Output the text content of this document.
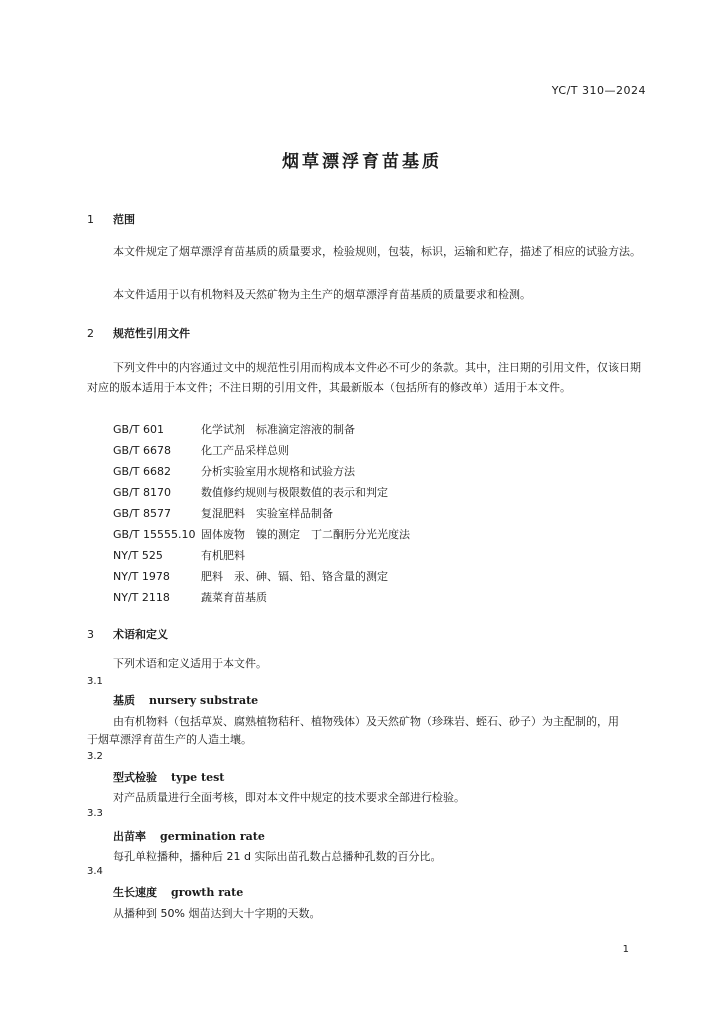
YC/T 310—2024
烟草漂浮育苗基质
1 范围
本文件规定了烟草漂浮育苗基质的质量要求，检验规则，包装，标识，运输和贮存，描述了相应的试验方法。
本文件适用于以有机物料及天然矿物为主生产的烟草漂浮育苗基质的质量要求和检测。
2 规范性引用文件
下列文件中的内容通过文中的规范性引用而构成本文件必不可少的条款。其中，注日期的引用文件，仅该日期对应的版本适用于本文件；不注日期的引用文件，其最新版本（包括所有的修改单）适用于本文件。
GB/T 601	化学试剂　标准滴定溶液的制备
GB/T 6678	化工产品采样总则
GB/T 6682	分析实验室用水规格和试验方法
GB/T 8170	数值修约规则与极限数值的表示和判定
GB/T 8577	复混肥料　实验室样品制备
GB/T 15555.10 固体废物　镍的测定　丁二酮肟分光光度法
NY/T 525	有机肥料
NY/T 1978	肥料　汞、砷、镉、铅、铬含量的测定
NY/T 2118	蔬菜育苗基质
3 术语和定义
下列术语和定义适用于本文件。
3.1
基质 nursery substrate
由有机物料（包括草炭、腐熟植物秸秆、植物残体）及天然矿物（珍珠岩、蛭石、砂子）为主配制的，用
于烟草漂浮育苗生产的人造土壤。
3.2
型式检验 type test
对产品质量进行全面考核，即对本文件中规定的技术要求全部进行检验。
3.3
出苗率 germination rate
每孔单粒播种，播种后 21 d 实际出苗孔数占总播种孔数的百分比。
3.4
生长速度 growth rate
从播种到 50% 烟苗达到大十字期的天数。
1
